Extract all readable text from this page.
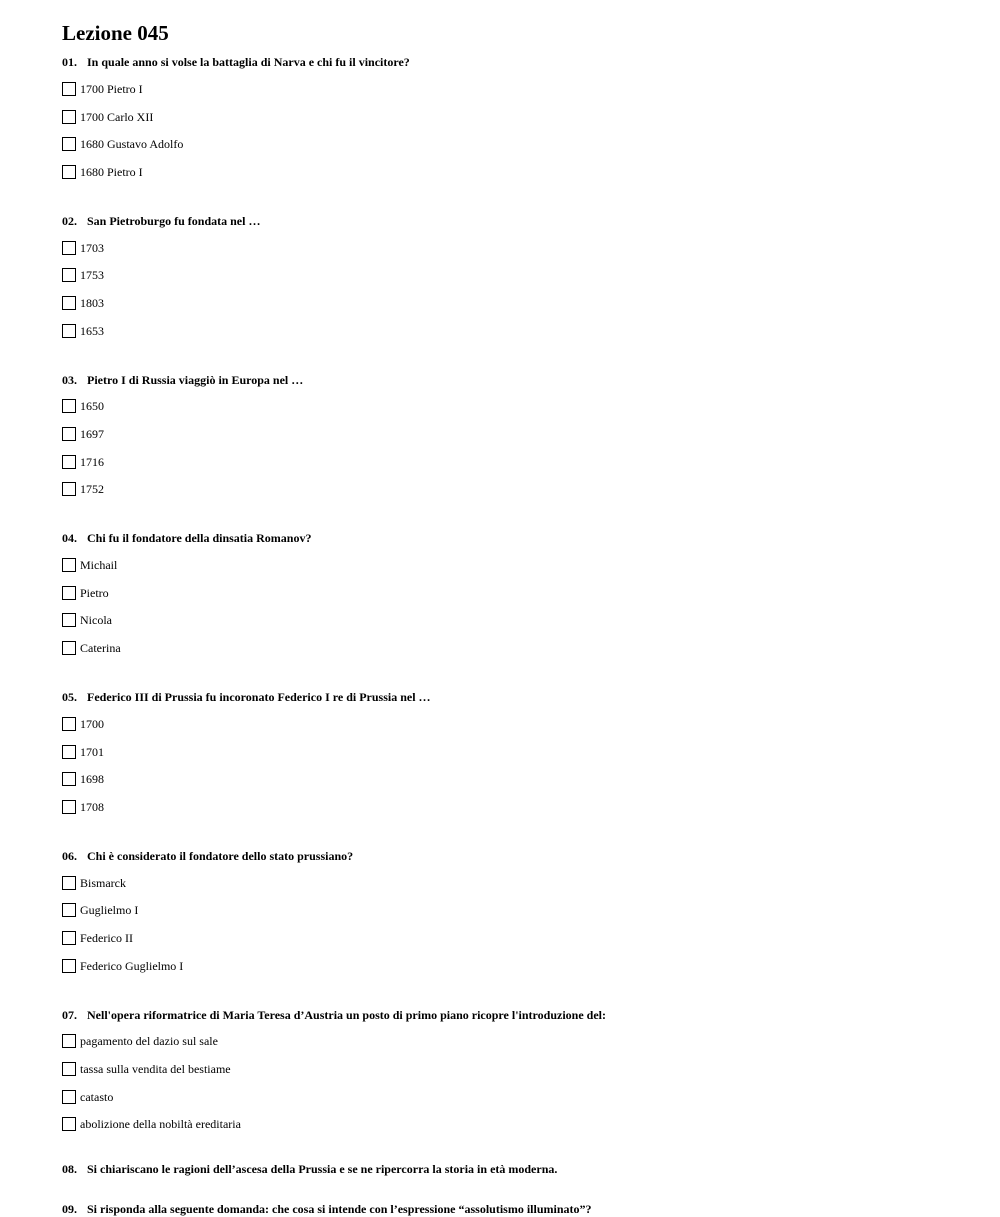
Lezione 045
01. In quale anno si volse la battaglia di Narva e chi fu il vincitore?
1700 Pietro I
1700 Carlo XII
1680 Gustavo Adolfo
1680 Pietro I
02. San Pietroburgo fu fondata nel …
1703
1753
1803
1653
03. Pietro I di Russia viaggiò in Europa nel …
1650
1697
1716
1752
04. Chi fu il fondatore della dinsatia Romanov?
Michail
Pietro
Nicola
Caterina
05. Federico III di Prussia fu incoronato Federico I re di Prussia nel …
1700
1701
1698
1708
06. Chi è considerato il fondatore dello stato prussiano?
Bismarck
Guglielmo I
Federico II
Federico Guglielmo I
07. Nell'opera riformatrice di Maria Teresa d’Austria un posto di primo piano ricopre l'introduzione del:
pagamento del dazio sul sale
tassa sulla vendita del bestiame
catasto
abolizione della nobiltà ereditaria
08. Si chiariscano le ragioni dell’ascesa della Prussia e se ne ripercorra la storia in età moderna.
09. Si risponda alla seguente domanda: che cosa si intende con l’espressione “assolutismo illuminato”?
